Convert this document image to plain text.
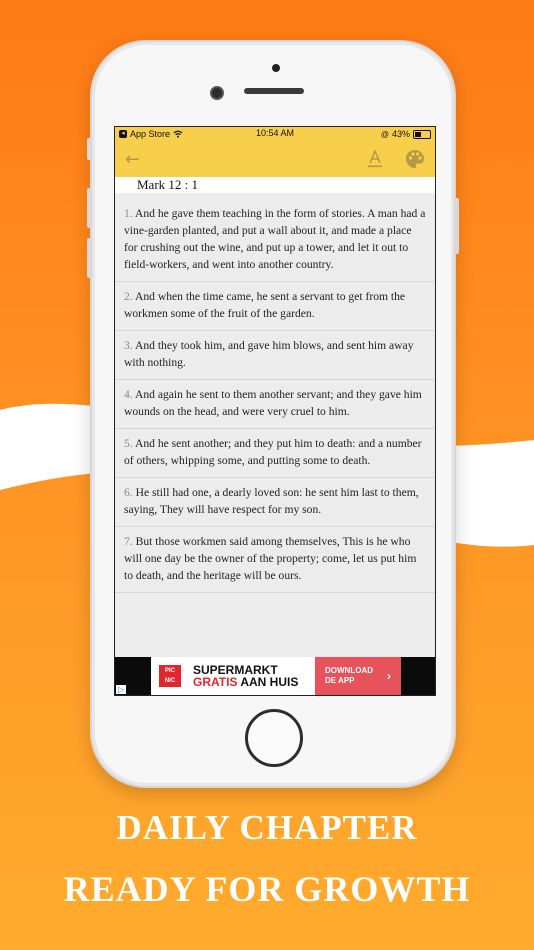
◂ App Store	10:54 AM	@ 43%
←
Mark 12 : 1
1. And he gave them teaching in the form of stories. A man had a vine-garden planted, and put a wall about it, and made a place for crushing out the wine, and put up a tower, and let it out to field-workers, and went into another country.
2. And when the time came, he sent a servant to get from the workmen some of the fruit of the garden.
3. And they took him, and gave him blows, and sent him away with nothing.
4. And again he sent to them another servant; and they gave him wounds on the head, and were very cruel to him.
5. And he sent another; and they put him to death: and a number of others, whipping some, and putting some to death.
6. He still had one, a dearly loved son: he sent him last to them, saying, They will have respect for my son.
7. But those workmen said among themselves, This is he who will one day be the owner of the property; come, let us put him to death, and the heritage will be ours.
PIC
NIC
SUPERMARKT
GRATIS AAN HUIS
DOWNLOAD
DE APP	›
▷
DAILY CHAPTER
READY FOR GROWTH
